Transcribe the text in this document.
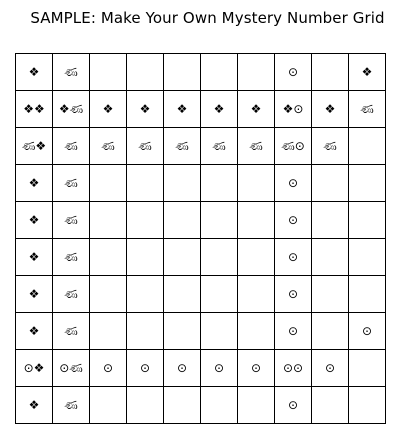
SAMPLE: Make Your Own Mystery Number Grid
❖	ණ						⊙		❖
❖❖	❖ණ	❖	❖	❖	❖	❖	❖⊙	❖	ණ
ණ❖	ණ	ණ	ණ	ණ	ණ	ණ	ණ⊙	ණ	
❖	ණ						⊙		
❖	ණ						⊙		
❖	ණ						⊙		
❖	ණ						⊙		
❖	ණ						⊙		⊙
⊙❖	⊙ණ	⊙	⊙	⊙	⊙	⊙	⊙⊙	⊙	
❖	ණ						⊙		
